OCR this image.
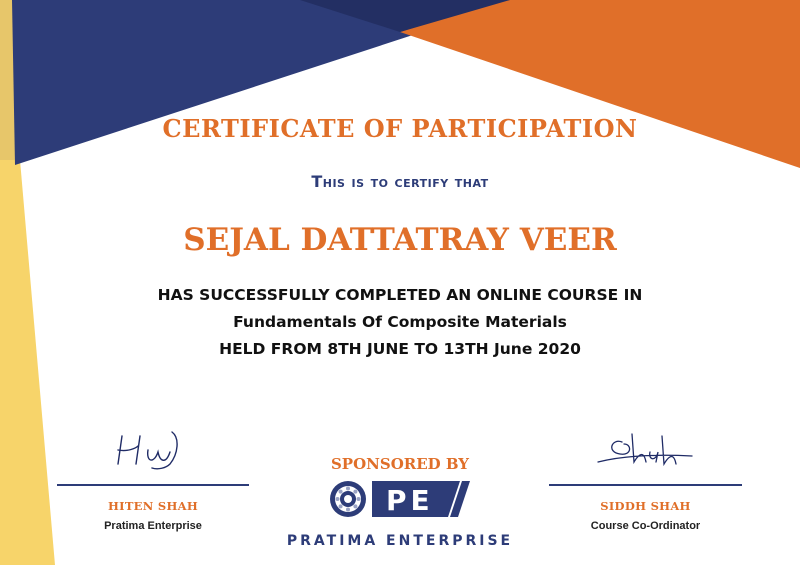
CERTIFICATE OF PARTICIPATION
This is to certify that
SEJAL DATTATRAY VEER
HAS SUCCESSFULLY COMPLETED AN ONLINE COURSE IN
Fundamentals Of Composite Materials
HELD FROM 8TH JUNE TO 13TH June 2020
HITEN SHAH
Pratima Enterprise
SIDDH SHAH
Course Co-Ordinator
SPONSORED BY
PE
PRATIMA ENTERPRISE
